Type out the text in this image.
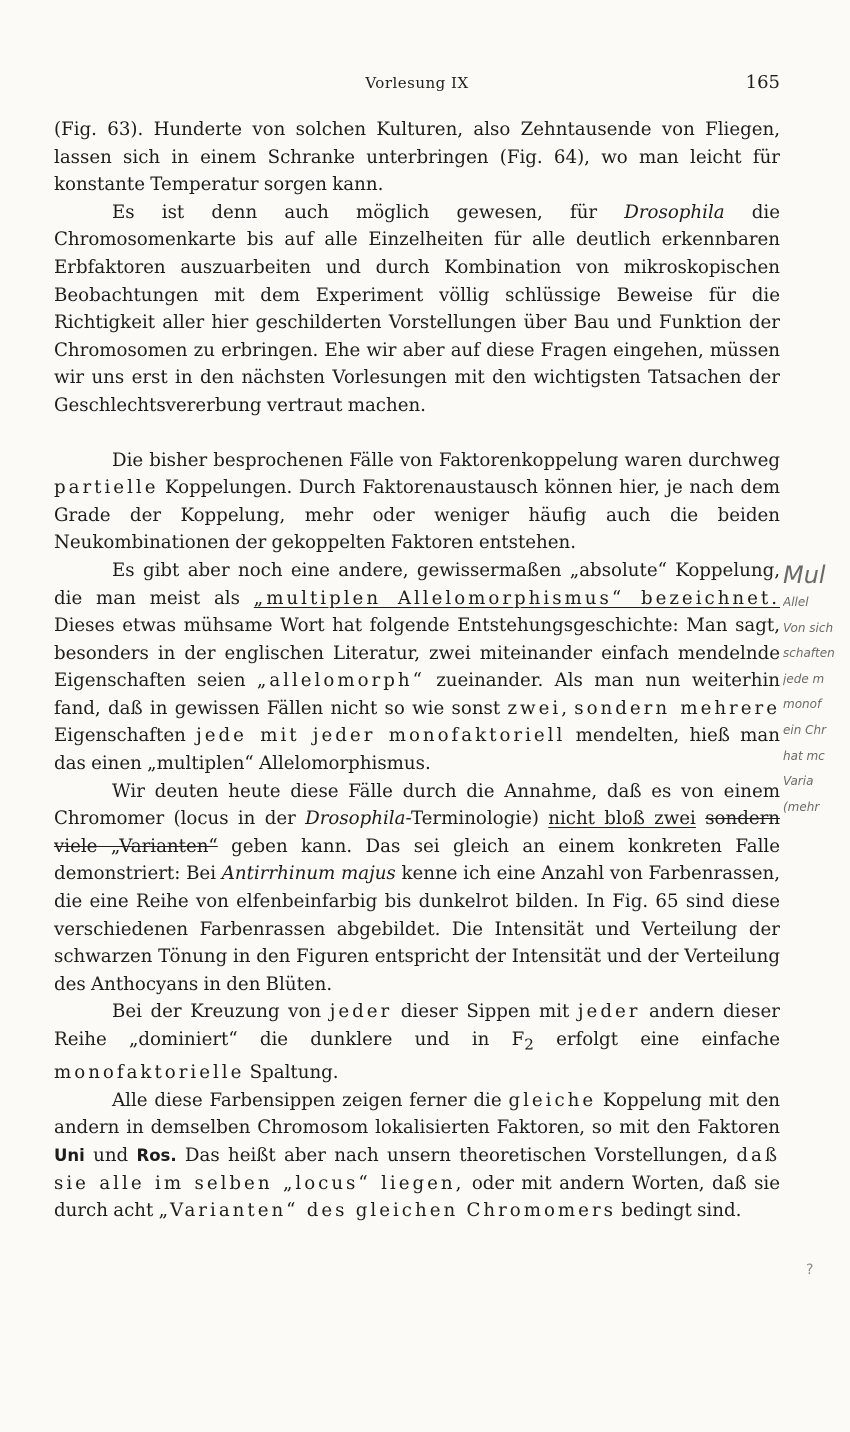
Vorlesung IX	165

(Fig. 63). Hunderte von solchen Kulturen, also Zehntausende von Fliegen, lassen sich in einem Schranke unterbringen (Fig. 64), wo man leicht für konstante Temperatur sorgen kann.

Es ist denn auch möglich gewesen, für Drosophila die Chromosomenkarte bis auf alle Einzelheiten für alle deutlich erkennbaren Erbfaktoren auszuarbeiten und durch Kombination von mikroskopischen Beobachtungen mit dem Experiment völlig schlüssige Beweise für die Richtigkeit aller hier geschilderten Vorstellungen über Bau und Funktion der Chromosomen zu erbringen. Ehe wir aber auf diese Fragen eingehen, müssen wir uns erst in den nächsten Vorlesungen mit den wichtigsten Tatsachen der Geschlechtsvererbung vertraut machen.

Die bisher besprochenen Fälle von Faktorenkoppelung waren durchweg partielle Koppelungen. Durch Faktorenaustausch können hier, je nach dem Grade der Koppelung, mehr oder weniger häufig auch die beiden Neukombinationen der gekoppelten Faktoren entstehen.

Es gibt aber noch eine andere, gewissermaßen „absolute“ Koppelung, die man meist als „multiplen Allelomorphismus“ bezeichnet. Dieses etwas mühsame Wort hat folgende Entstehungsgeschichte: Man sagt, besonders in der englischen Literatur, zwei miteinander einfach mendelnde Eigenschaften seien „allelomorph“ zueinander. Als man nun weiterhin fand, daß in gewissen Fällen nicht so wie sonst zwei, sondern mehrere Eigenschaften jede mit jeder monofaktoriell mendelten, hieß man das einen „multiplen“ Allelomorphismus.

Wir deuten heute diese Fälle durch die Annahme, daß es von einem Chromomer (locus in der Drosophila-Terminologie) nicht bloß zwei sondern viele „Varianten“ geben kann. Das sei gleich an einem konkreten Falle demonstriert: Bei Antirrhinum majus kenne ich eine Anzahl von Farbenrassen, die eine Reihe von elfenbeinfarbig bis dunkelrot bilden. In Fig. 65 sind diese verschiedenen Farbenrassen abgebildet. Die Intensität und Verteilung der schwarzen Tönung in den Figuren entspricht der Intensität und der Verteilung des Anthocyans in den Blüten.

Bei der Kreuzung von jeder dieser Sippen mit jeder andern dieser Reihe „dominiert“ die dunklere und in $F_2$ erfolgt eine einfache monofaktorielle Spaltung.

Alle diese Farbensippen zeigen ferner die gleiche Koppelung mit den andern in demselben Chromosom lokalisierten Faktoren, so mit den Faktoren Uni und Ros. Das heißt aber nach unsern theoretischen Vorstellungen, daß sie alle im selben „locus“ liegen, oder mit andern Worten, daß sie durch acht „Varianten“ des gleichen Chromomers bedingt sind.

Mul
Allel
Von sich
schaften
jede m
monof
ein Chr
hat mc
Varia
(mehr
?
